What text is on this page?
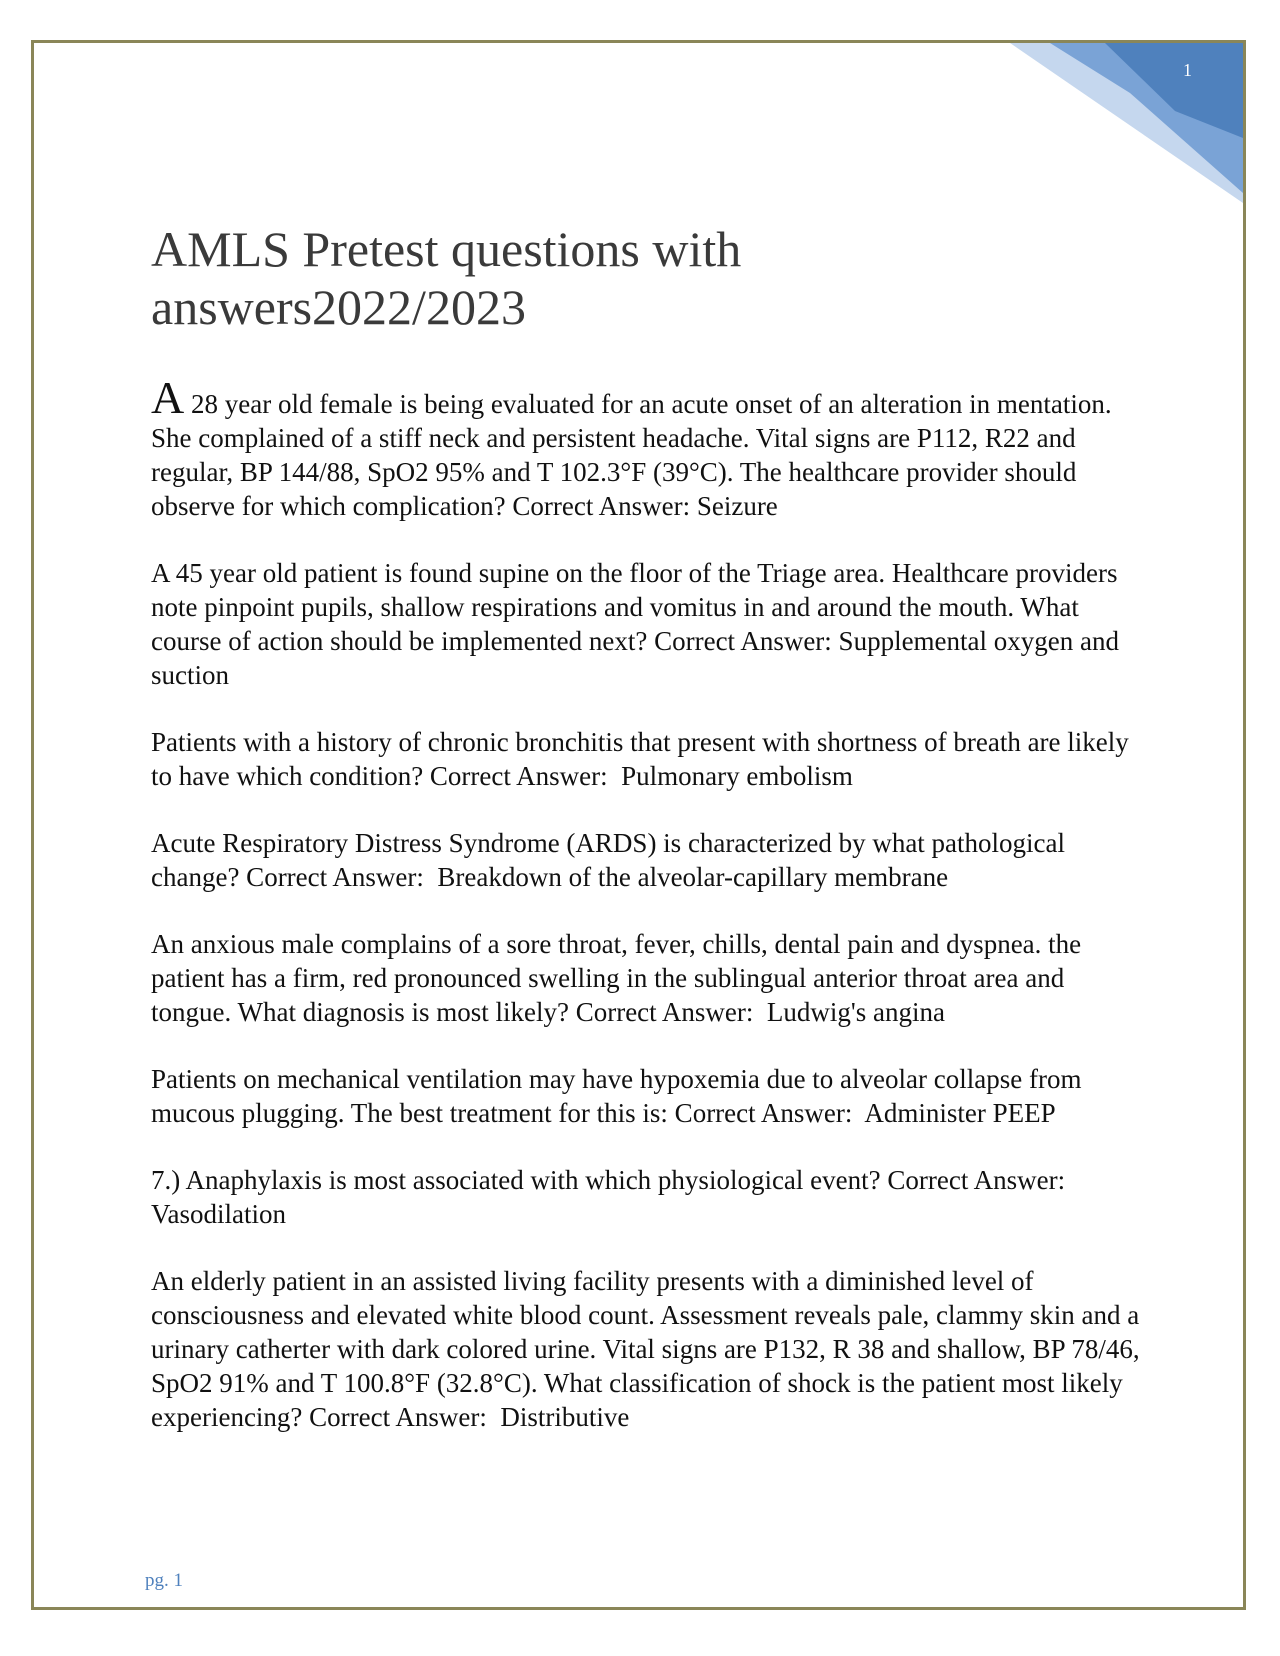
1
AMLS Pretest questions with
answers2022/2023

A 28 year old female is being evaluated for an acute onset of an alteration in mentation. She complained of a stiff neck and persistent headache. Vital signs are P112, R22 and regular, BP 144/88, SpO2 95% and T 102.3°F (39°C). The healthcare provider should observe for which complication? Correct Answer: Seizure

A 45 year old patient is found supine on the floor of the Triage area. Healthcare providers note pinpoint pupils, shallow respirations and vomitus in and around the mouth. What course of action should be implemented next? Correct Answer: Supplemental oxygen and suction

Patients with a history of chronic bronchitis that present with shortness of breath are likely to have which condition? Correct Answer:  Pulmonary embolism

Acute Respiratory Distress Syndrome (ARDS) is characterized by what pathological change? Correct Answer:  Breakdown of the alveolar-capillary membrane

An anxious male complains of a sore throat, fever, chills, dental pain and dyspnea. the patient has a firm, red pronounced swelling in the sublingual anterior throat area and tongue. What diagnosis is most likely? Correct Answer:  Ludwig's angina

Patients on mechanical ventilation may have hypoxemia due to alveolar collapse from mucous plugging. The best treatment for this is: Correct Answer:  Administer PEEP

7.) Anaphylaxis is most associated with which physiological event? Correct Answer:  Vasodilation

An elderly patient in an assisted living facility presents with a diminished level of consciousness and elevated white blood count. Assessment reveals pale, clammy skin and a urinary catherter with dark colored urine. Vital signs are P132, R 38 and shallow, BP 78/46, SpO2 91% and T 100.8°F (32.8°C). What classification of shock is the patient most likely experiencing? Correct Answer:  Distributive

pg. 1
